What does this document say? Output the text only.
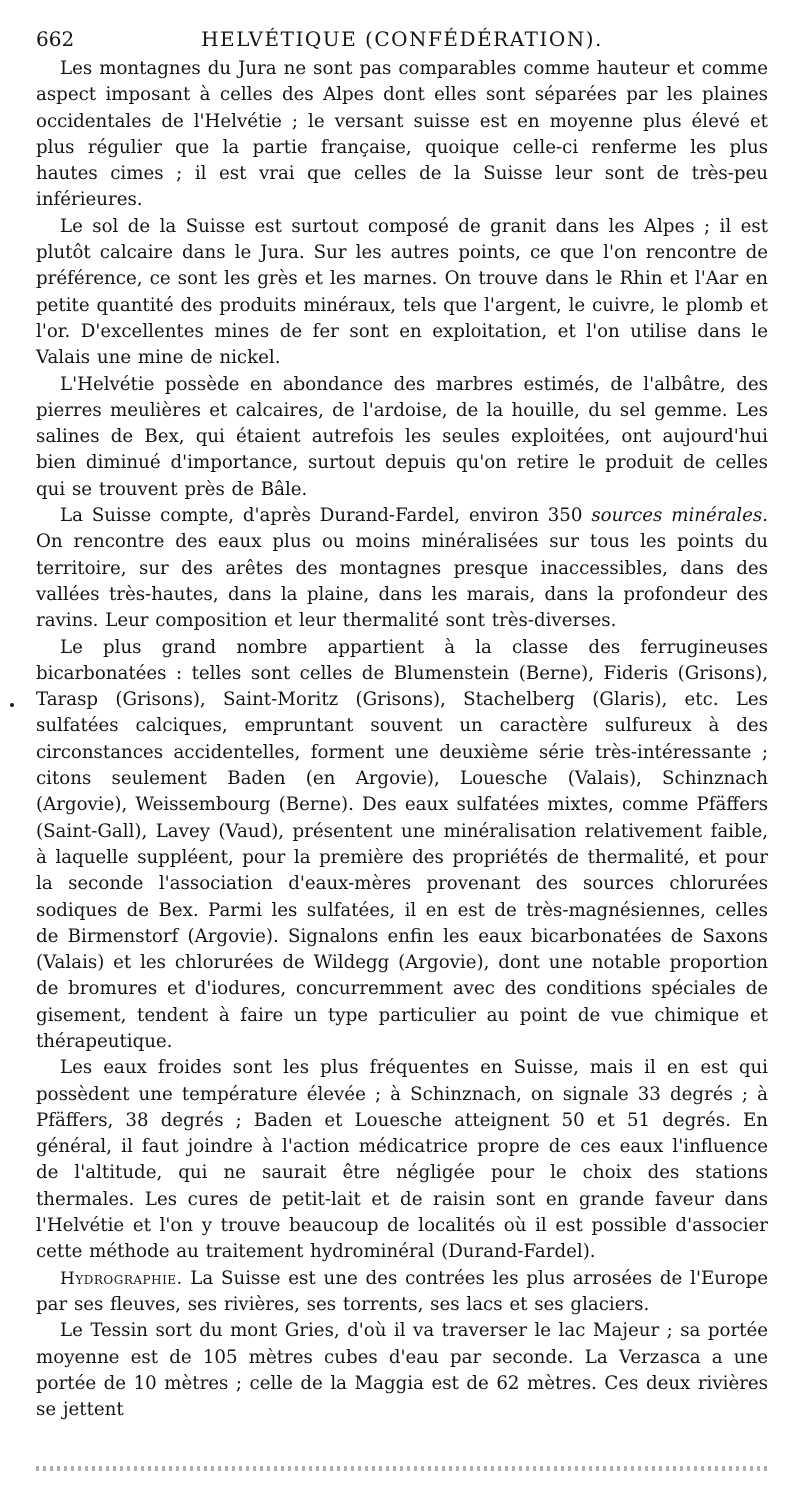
662	HELVÉTIQUE (CONFÉDÉRATION).

Les montagnes du Jura ne sont pas comparables comme hauteur et comme aspect imposant à celles des Alpes dont elles sont séparées par les plaines occidentales de l'Helvétie ; le versant suisse est en moyenne plus élevé et plus régulier que la partie française, quoique celle-ci renferme les plus hautes cimes ; il est vrai que celles de la Suisse leur sont de très-peu inférieures.

Le sol de la Suisse est surtout composé de granit dans les Alpes ; il est plutôt calcaire dans le Jura. Sur les autres points, ce que l'on rencontre de préférence, ce sont les grès et les marnes. On trouve dans le Rhin et l'Aar en petite quantité des produits minéraux, tels que l'argent, le cuivre, le plomb et l'or. D'excellentes mines de fer sont en exploitation, et l'on utilise dans le Valais une mine de nickel.

L'Helvétie possède en abondance des marbres estimés, de l'albâtre, des pierres meulières et calcaires, de l'ardoise, de la houille, du sel gemme. Les salines de Bex, qui étaient autrefois les seules exploitées, ont aujourd'hui bien diminué d'importance, surtout depuis qu'on retire le produit de celles qui se trouvent près de Bâle.

La Suisse compte, d'après Durand-Fardel, environ 350 sources minérales. On rencontre des eaux plus ou moins minéralisées sur tous les points du territoire, sur des arêtes des montagnes presque inaccessibles, dans des vallées très-hautes, dans la plaine, dans les marais, dans la profondeur des ravins. Leur composition et leur thermalité sont très-diverses.

Le plus grand nombre appartient à la classe des ferrugineuses bicarbonatées : telles sont celles de Blumenstein (Berne), Fideris (Grisons), Tarasp (Grisons), Saint-Moritz (Grisons), Stachelberg (Glaris), etc. Les sulfatées calciques, empruntant souvent un caractère sulfureux à des circonstances accidentelles, forment une deuxième série très-intéressante ; citons seulement Baden (en Argovie), Louesche (Valais), Schinznach (Argovie), Weissembourg (Berne). Des eaux sulfatées mixtes, comme Pfäffers (Saint-Gall), Lavey (Vaud), présentent une minéralisation relativement faible, à laquelle suppléent, pour la première des propriétés de thermalité, et pour la seconde l'association d'eaux-mères provenant des sources chlorurées sodiques de Bex. Parmi les sulfatées, il en est de très-magnésiennes, celles de Birmenstorf (Argovie). Signalons enfin les eaux bicarbonatées de Saxons (Valais) et les chlorurées de Wildegg (Argovie), dont une notable proportion de bromures et d'iodures, concurremment avec des conditions spéciales de gisement, tendent à faire un type particulier au point de vue chimique et thérapeutique.

Les eaux froides sont les plus fréquentes en Suisse, mais il en est qui possèdent une température élevée ; à Schinznach, on signale 33 degrés ; à Pfäffers, 38 degrés ; Baden et Louesche atteignent 50 et 51 degrés. En général, il faut joindre à l'action médicatrice propre de ces eaux l'influence de l'altitude, qui ne saurait être négligée pour le choix des stations thermales. Les cures de petit-lait et de raisin sont en grande faveur dans l'Helvétie et l'on y trouve beaucoup de localités où il est possible d'associer cette méthode au traitement hydrominéral (Durand-Fardel).

Hydrographie. La Suisse est une des contrées les plus arrosées de l'Europe par ses fleuves, ses rivières, ses torrents, ses lacs et ses glaciers.

Le Tessin sort du mont Gries, d'où il va traverser le lac Majeur ; sa portée moyenne est de 105 mètres cubes d'eau par seconde. La Verzasca a une portée de 10 mètres ; celle de la Maggia est de 62 mètres. Ces deux rivières se jettent
